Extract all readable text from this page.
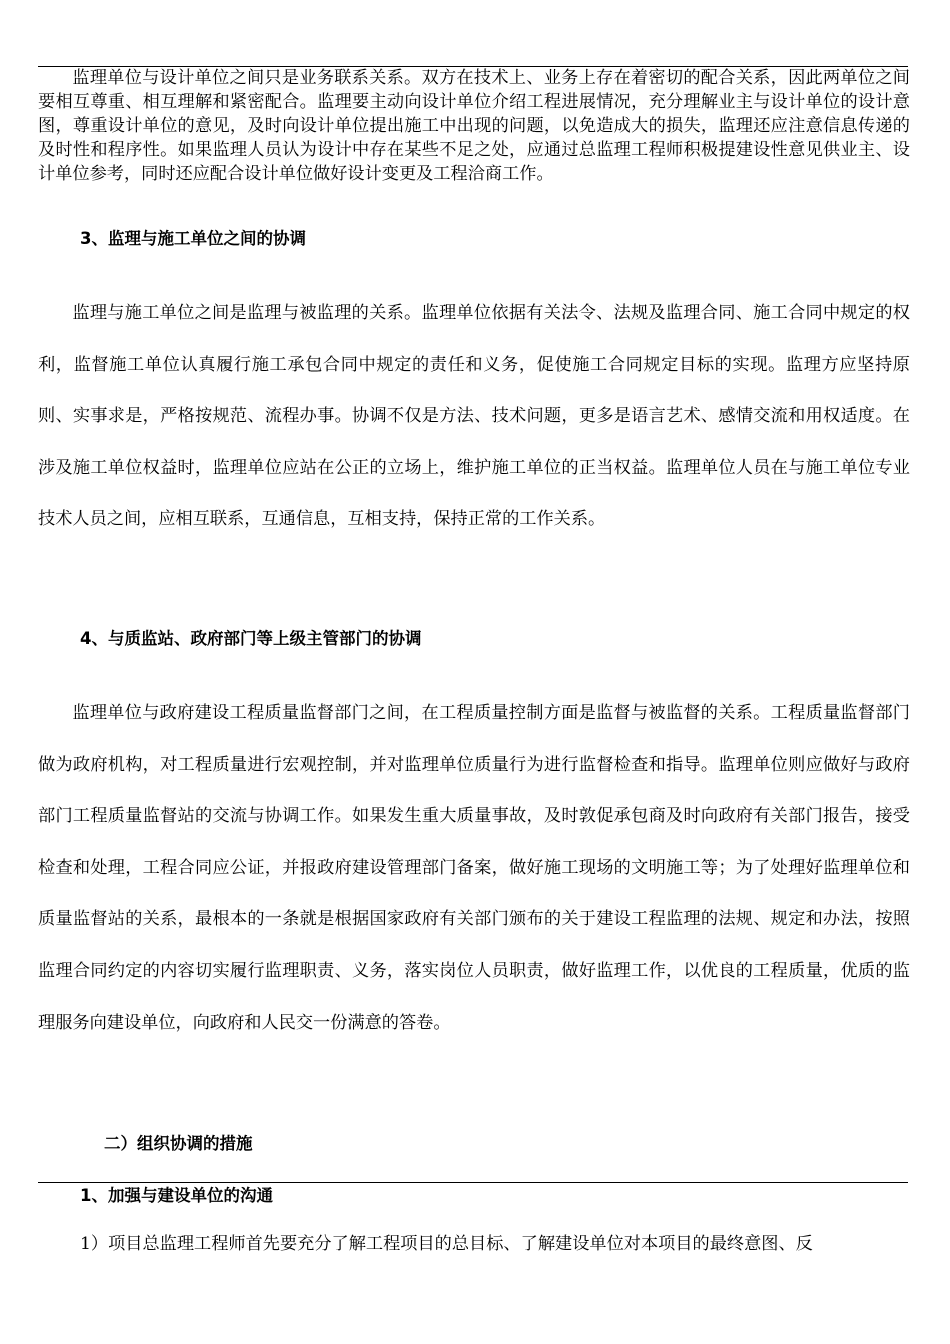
监理单位与设计单位之间只是业务联系关系。双方在技术上、业务上存在着密切的配合关系，因此两单位之间要相互尊重、相互理解和紧密配合。监理要主动向设计单位介绍工程进展情况，充分理解业主与设计单位的设计意图，尊重设计单位的意见，及时向设计单位提出施工中出现的问题，以免造成大的损失，监理还应注意信息传递的及时性和程序性。如果监理人员认为设计中存在某些不足之处，应通过总监理工程师积极提建设性意见供业主、设计单位参考，同时还应配合设计单位做好设计变更及工程洽商工作。
3、监理与施工单位之间的协调
监理与施工单位之间是监理与被监理的关系。监理单位依据有关法令、法规及监理合同、施工合同中规定的权利，监督施工单位认真履行施工承包合同中规定的责任和义务，促使施工合同规定目标的实现。监理方应坚持原则、实事求是，严格按规范、流程办事。协调不仅是方法、技术问题，更多是语言艺术、感情交流和用权适度。在涉及施工单位权益时，监理单位应站在公正的立场上，维护施工单位的正当权益。监理单位人员在与施工单位专业技术人员之间，应相互联系，互通信息，互相支持，保持正常的工作关系。
4、与质监站、政府部门等上级主管部门的协调
监理单位与政府建设工程质量监督部门之间，在工程质量控制方面是监督与被监督的关系。工程质量监督部门做为政府机构，对工程质量进行宏观控制，并对监理单位质量行为进行监督检查和指导。监理单位则应做好与政府部门工程质量监督站的交流与协调工作。如果发生重大质量事故，及时敦促承包商及时向政府有关部门报告，接受检查和处理，工程合同应公证，并报政府建设管理部门备案，做好施工现场的文明施工等；为了处理好监理单位和质量监督站的关系，最根本的一条就是根据国家政府有关部门颁布的关于建设工程监理的法规、规定和办法，按照监理合同约定的内容切实履行监理职责、义务，落实岗位人员职责，做好监理工作，以优良的工程质量，优质的监理服务向建设单位，向政府和人民交一份满意的答卷。
二）组织协调的措施
1、加强与建设单位的沟通
1）项目总监理工程师首先要充分了解工程项目的总目标、了解建设单位对本项目的最终意图、反
